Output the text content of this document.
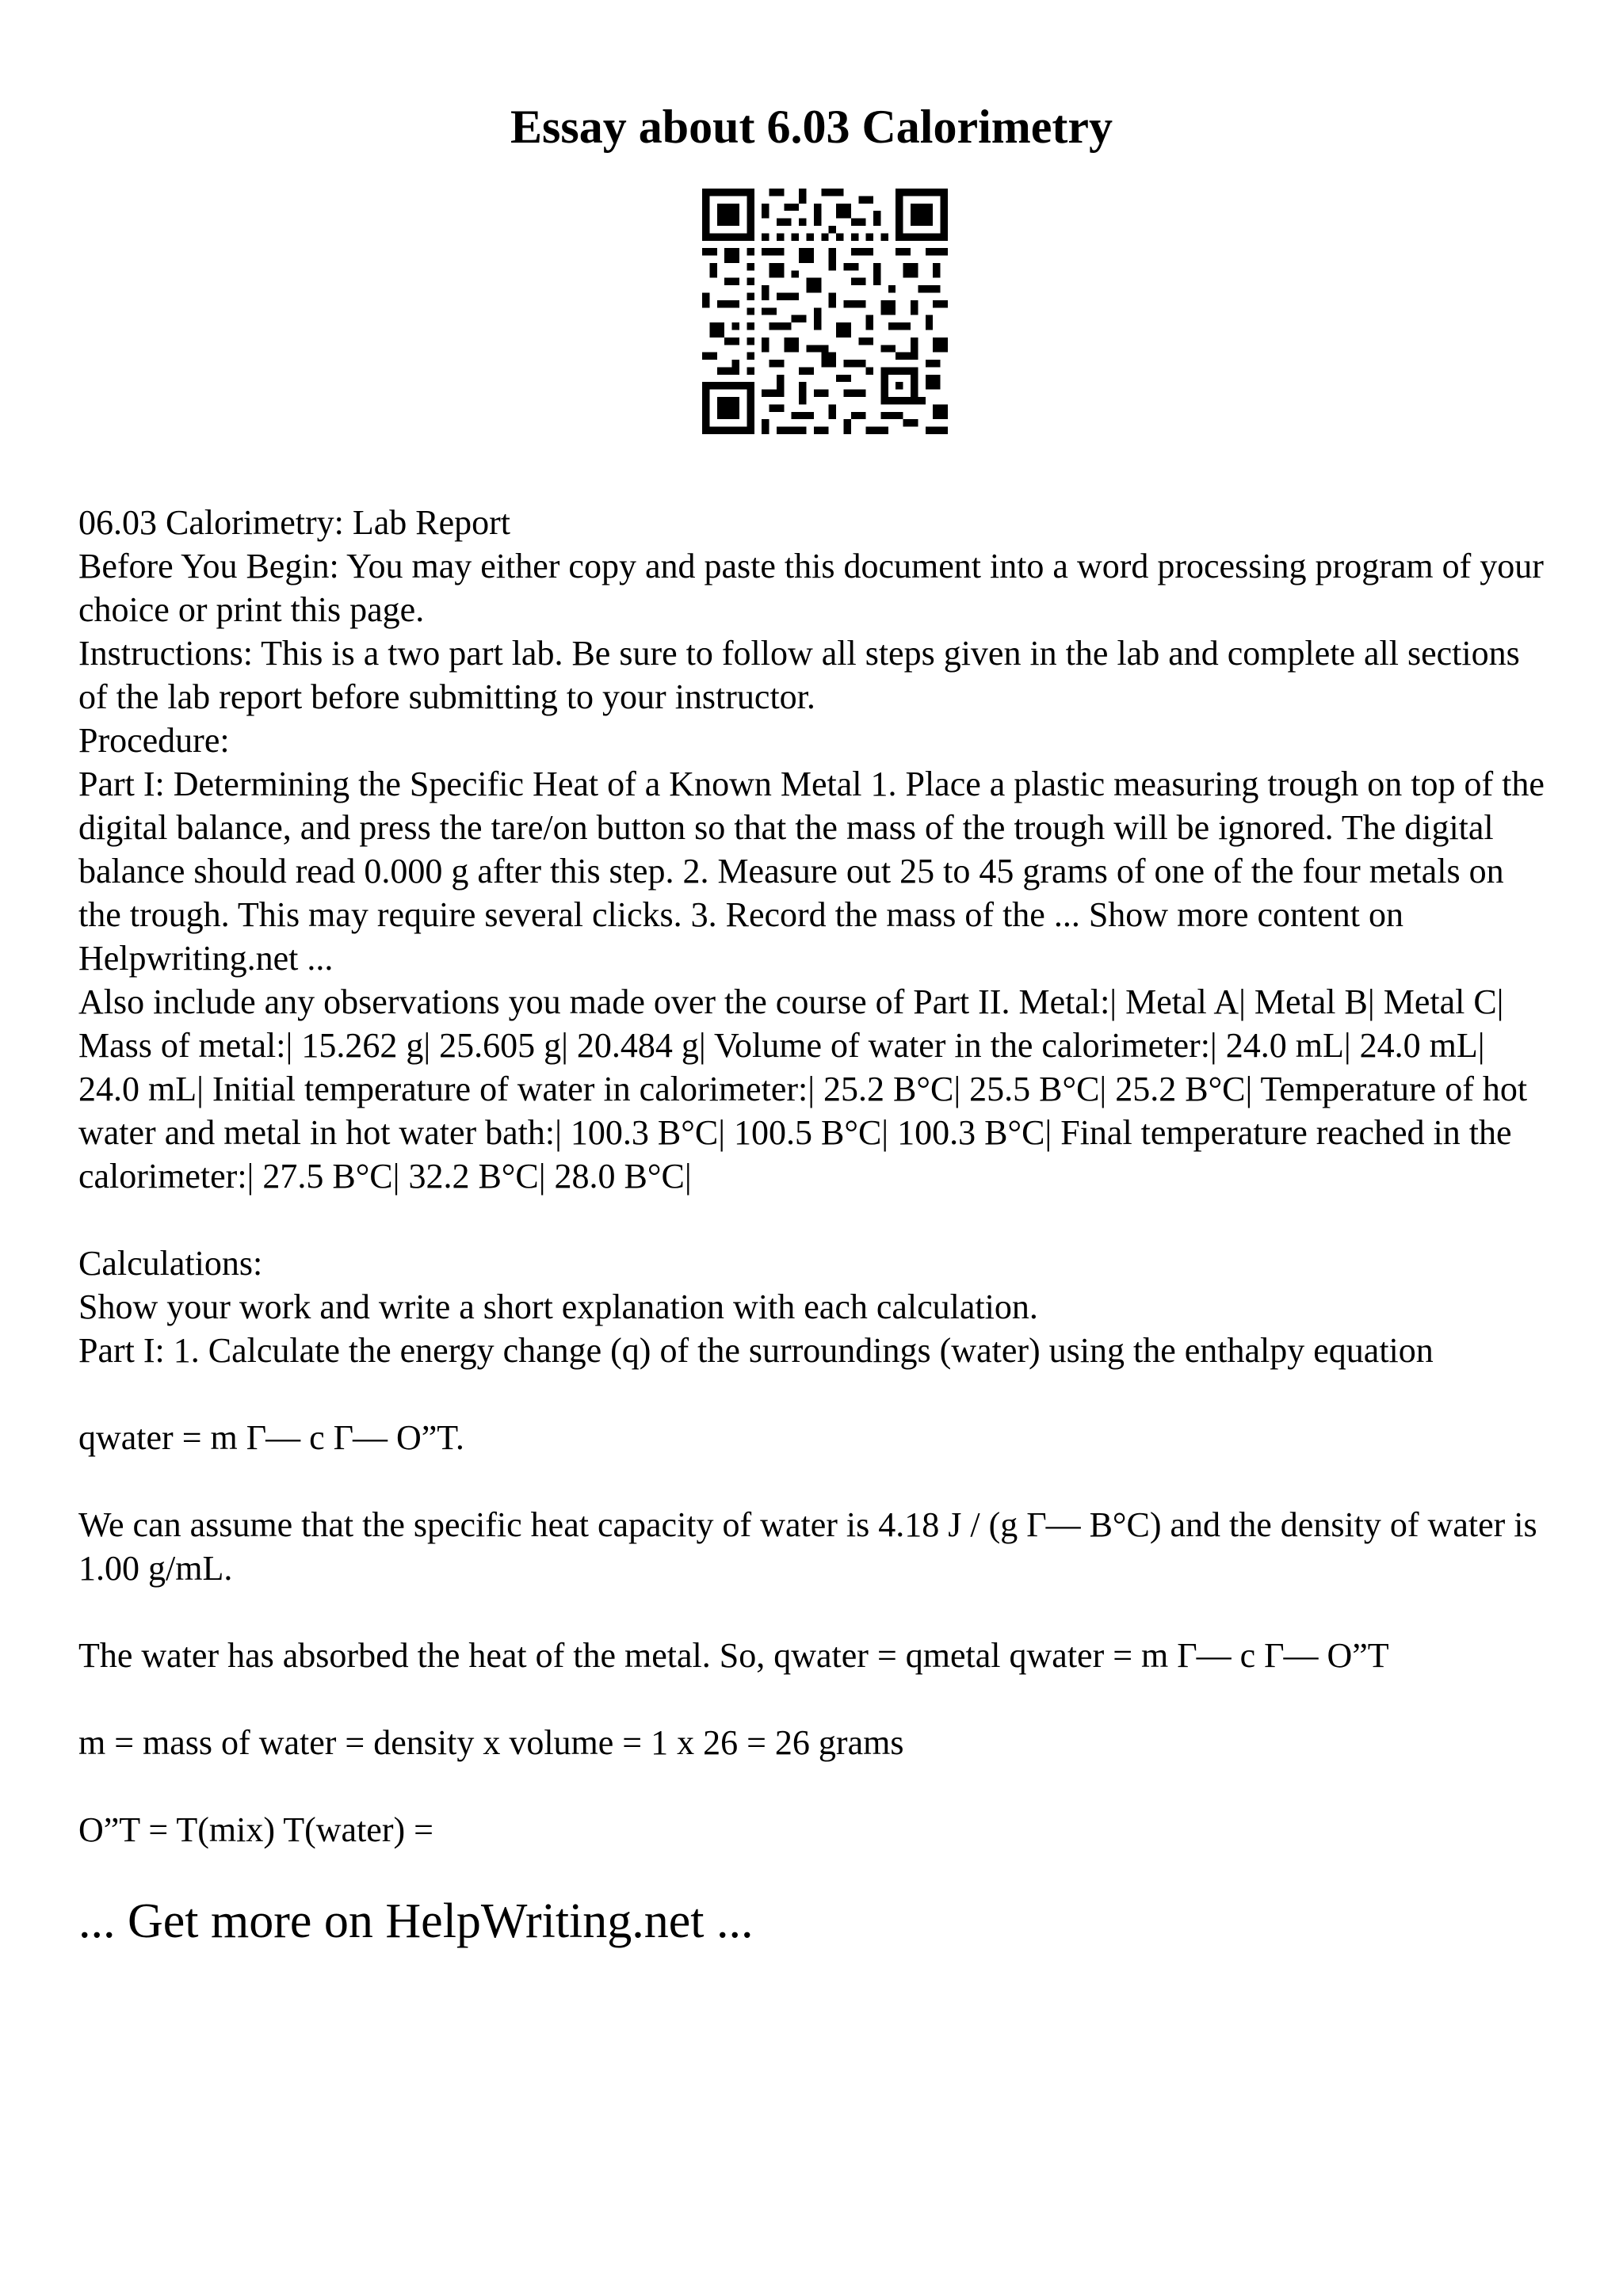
Essay about 6.03 Calorimetry

06.03 Calorimetry: Lab Report

Before You Begin: You may either copy and paste this document into a word processing program of your choice or print this page.

Instructions: This is a two part lab. Be sure to follow all steps given in the lab and complete all sections of the lab report before submitting to your instructor.

Procedure:

Part I: Determining the Specific Heat of a Known Metal 1. Place a plastic measuring trough on top of the digital balance, and press the tare/on button so that the mass of the trough will be ignored. The digital balance should read 0.000 g after this step. 2. Measure out 25 to 45 grams of one of the four metals on the trough. This may require several clicks. 3. Record the mass of the ... Show more content on Helpwriting.net ...

Also include any observations you made over the course of Part II. Metal:| Metal A| Metal B| Metal C| Mass of metal:| 15.262 g| 25.605 g| 20.484 g| Volume of water in the calorimeter:| 24.0 mL| 24.0 mL| 24.0 mL| Initial temperature of water in calorimeter:| 25.2 B°C| 25.5 B°C| 25.2 B°C| Temperature of hot water and metal in hot water bath:| 100.3 B°C| 100.5 B°C| 100.3 B°C| Final temperature reached in the calorimeter:| 27.5 B°C| 32.2 B°C| 28.0 B°C|

Calculations:

Show your work and write a short explanation with each calculation.

Part I: 1. Calculate the energy change (q) of the surroundings (water) using the enthalpy equation

qwater = m Г— c Г— О”T.

We can assume that the specific heat capacity of water is 4.18 J / (g Г— B°C) and the density of water is 1.00 g/mL.

The water has absorbed the heat of the metal. So, qwater = qmetal qwater = m Г— c Г— О”T

m = mass of water = density x volume = 1 x 26 = 26 grams

О”T = T(mix) T(water) =

... Get more on HelpWriting.net ...
